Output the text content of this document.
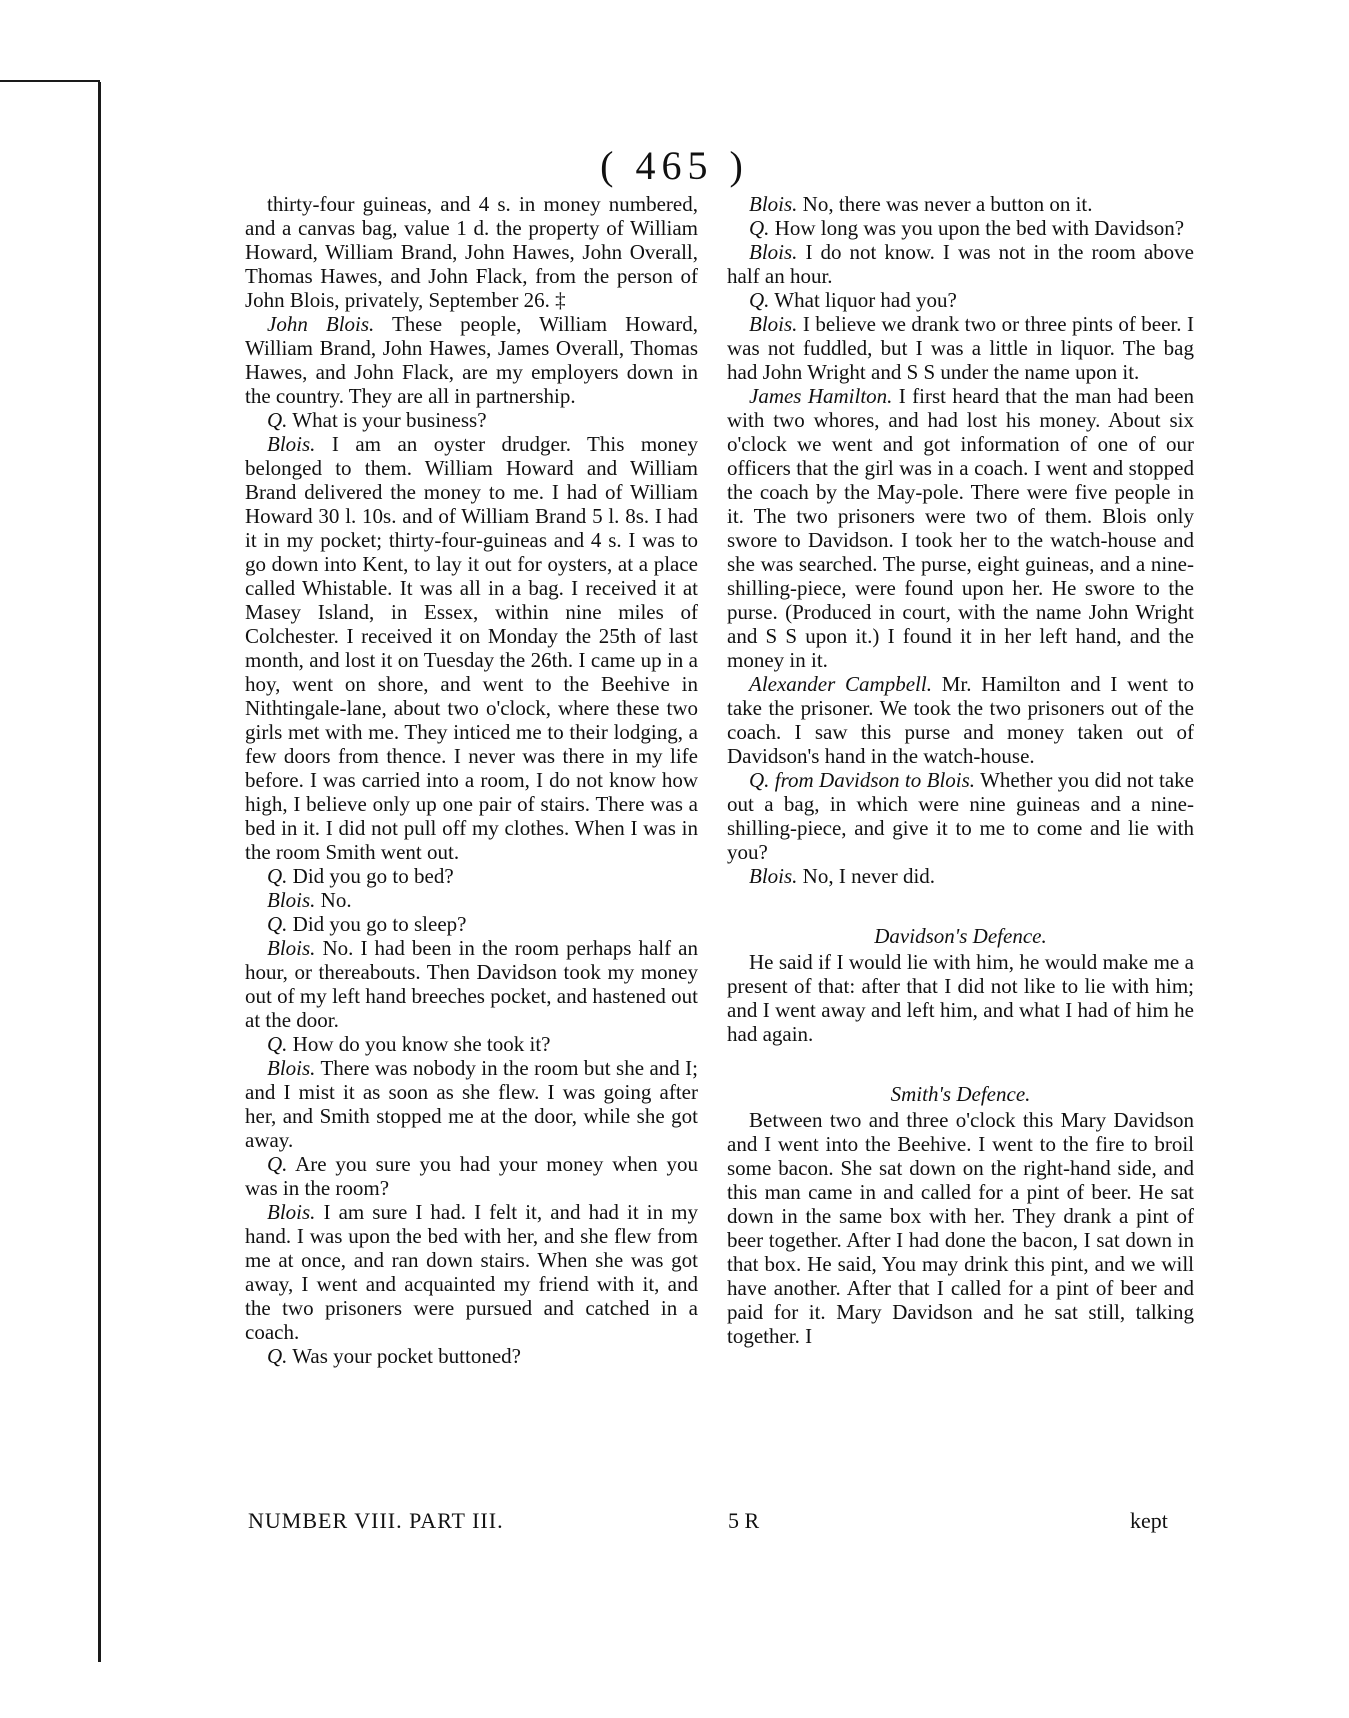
( 465 )

thirty-four guineas, and 4 s. in money numbered, and a canvas bag, value 1 d. the property of William Howard, William Brand, John Hawes, John Overall, Thomas Hawes, and John Flack, from the person of John Blois, privately, September 26. ‡

John Blois. These people, William Howard, William Brand, John Hawes, James Overall, Thomas Hawes, and John Flack, are my employers down in the country. They are all in partnership.

Q. What is your business?

Blois. I am an oyster drudger. This money belonged to them. William Howard and William Brand delivered the money to me. I had of William Howard 30 l. 10s. and of William Brand 5 l. 8s. I had it in my pocket; thirty-four-guineas and 4 s. I was to go down into Kent, to lay it out for oysters, at a place called Whistable. It was all in a bag. I received it at Masey Island, in Essex, within nine miles of Colchester. I received it on Monday the 25th of last month, and lost it on Tuesday the 26th. I came up in a hoy, went on shore, and went to the Beehive in Nithtingale-lane, about two o'clock, where these two girls met with me. They inticed me to their lodging, a few doors from thence. I never was there in my life before. I was carried into a room, I do not know how high, I believe only up one pair of stairs. There was a bed in it. I did not pull off my clothes. When I was in the room Smith went out.

Q. Did you go to bed?

Blois. No.

Q. Did you go to sleep?

Blois. No. I had been in the room perhaps half an hour, or thereabouts. Then Davidson took my money out of my left hand breeches pocket, and hastened out at the door.

Q. How do you know she took it?

Blois. There was nobody in the room but she and I; and I mist it as soon as she flew. I was going after her, and Smith stopped me at the door, while she got away.

Q. Are you sure you had your money when you was in the room?

Blois. I am sure I had. I felt it, and had it in my hand. I was upon the bed with her, and she flew from me at once, and ran down stairs. When she was got away, I went and acquainted my friend with it, and the two prisoners were pursued and catched in a coach.

Q. Was your pocket buttoned?

Blois. No, there was never a button on it.

Q. How long was you upon the bed with Davidson?

Blois. I do not know. I was not in the room above half an hour.

Q. What liquor had you?

Blois. I believe we drank two or three pints of beer. I was not fuddled, but I was a little in liquor. The bag had John Wright and S S under the name upon it.

James Hamilton. I first heard that the man had been with two whores, and had lost his money. About six o'clock we went and got information of one of our officers that the girl was in a coach. I went and stopped the coach by the May-pole. There were five people in it. The two prisoners were two of them. Blois only swore to Davidson. I took her to the watch-house and she was searched. The purse, eight guineas, and a nine-shilling-piece, were found upon her. He swore to the purse. (Produced in court, with the name John Wright and S S upon it.) I found it in her left hand, and the money in it.

Alexander Campbell. Mr. Hamilton and I went to take the prisoner. We took the two prisoners out of the coach. I saw this purse and money taken out of Davidson's hand in the watch-house.

Q. from Davidson to Blois. Whether you did not take out a bag, in which were nine guineas and a nine-shilling-piece, and give it to me to come and lie with you?

Blois. No, I never did.

Davidson's Defence.

He said if I would lie with him, he would make me a present of that: after that I did not like to lie with him; and I went away and left him, and what I had of him he had again.

Smith's Defence.

Between two and three o'clock this Mary Davidson and I went into the Beehive. I went to the fire to broil some bacon. She sat down on the right-hand side, and this man came in and called for a pint of beer. He sat down in the same box with her. They drank a pint of beer together. After I had done the bacon, I sat down in that box. He said, You may drink this pint, and we will have another. After that I called for a pint of beer and paid for it. Mary Davidson and he sat still, talking together. I

NUMBER VIII. PART III.	5 R	kept
